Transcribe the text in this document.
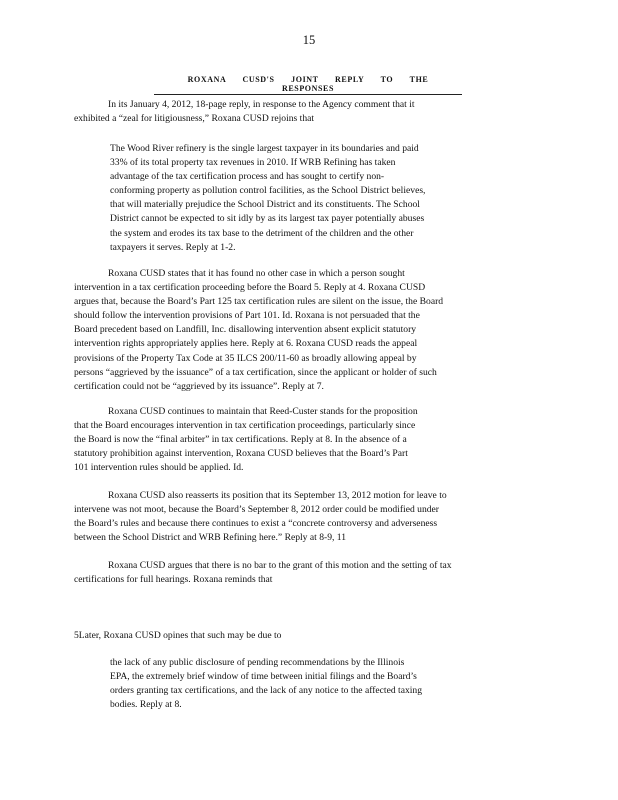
15
ROXANA CUSD'S JOINT REPLY TO THE RESPONSES
In its January 4, 2012, 18-page reply, in response to the Agency comment that it
exhibited a “zeal for litigiousness,” Roxana CUSD rejoins that
The Wood River refinery is the single largest taxpayer in its boundaries and paid
33% of its total property tax revenues in 2010. If WRB Refining has taken
advantage of the tax certification process and has sought to certify non-
conforming property as pollution control facilities, as the School District believes,
that will materially prejudice the School District and its constituents. The School
District cannot be expected to sit idly by as its largest tax payer potentially abuses
the system and erodes its tax base to the detriment of the children and the other
taxpayers it serves. Reply at 1-2.
Roxana CUSD states that it has found no other case in which a person sought
intervention in a tax certification proceeding before the Board 5. Reply at 4. Roxana CUSD
argues that, because the Board’s Part 125 tax certification rules are silent on the issue, the Board
should follow the intervention provisions of Part 101. Id. Roxana is not persuaded that the
Board precedent based on Landfill, Inc. disallowing intervention absent explicit statutory
intervention rights appropriately applies here. Reply at 6. Roxana CUSD reads the appeal
provisions of the Property Tax Code at 35 ILCS 200/11-60 as broadly allowing appeal by
persons “aggrieved by the issuance” of a tax certification, since the applicant or holder of such
certification could not be “aggrieved by its issuance”. Reply at 7.
Roxana CUSD continues to maintain that Reed-Custer stands for the proposition
that the Board encourages intervention in tax certification proceedings, particularly since
the Board is now the “final arbiter” in tax certifications. Reply at 8. In the absence of a
statutory prohibition against intervention, Roxana CUSD believes that the Board’s Part
101 intervention rules should be applied. Id.
Roxana CUSD also reasserts its position that its September 13, 2012 motion for leave to
intervene was not moot, because the Board’s September 8, 2012 order could be modified under
the Board’s rules and because there continues to exist a “concrete controversy and adverseness
between the School District and WRB Refining here.” Reply at 8-9, 11
Roxana CUSD argues that there is no bar to the grant of this motion and the setting of tax
certifications for full hearings. Roxana reminds that
5Later, Roxana CUSD opines that such may be due to
the lack of any public disclosure of pending recommendations by the Illinois
EPA, the extremely brief window of time between initial filings and the Board’s
orders granting tax certifications, and the lack of any notice to the affected taxing
bodies. Reply at 8.
